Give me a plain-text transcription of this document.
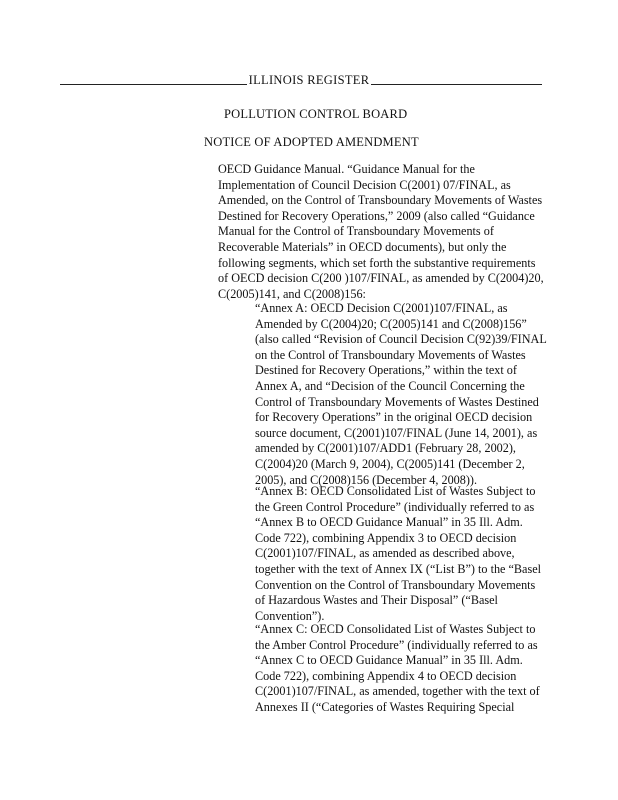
ILLINOIS REGISTER
POLLUTION CONTROL BOARD
NOTICE OF ADOPTED AMENDMENT
OECD Guidance Manual. “Guidance Manual for the
Implementation of Council Decision C(2001) 07/FINAL, as
Amended, on the Control of Transboundary Movements of Wastes
Destined for Recovery Operations,” 2009 (also called “Guidance
Manual for the Control of Transboundary Movements of
Recoverable Materials” in OECD documents), but only the
following segments, which set forth the substantive requirements
of OECD decision C(200 )107/FINAL, as amended by C(2004)20,
C(2005)141, and C(2008)156:
“Annex A: OECD Decision C(2001)107/FINAL, as
Amended by C(2004)20; C(2005)141 and C(2008)156”
(also called “Revision of Council Decision C(92)39/FINAL
on the Control of Transboundary Movements of Wastes
Destined for Recovery Operations,” within the text of
Annex A, and “Decision of the Council Concerning the
Control of Transboundary Movements of Wastes Destined
for Recovery Operations” in the original OECD decision
source document, C(2001)107/FINAL (June 14, 2001), as
amended by C(2001)107/ADD1 (February 28, 2002),
C(2004)20 (March 9, 2004), C(2005)141 (December 2,
2005), and C(2008)156 (December 4, 2008)).
“Annex B: OECD Consolidated List of Wastes Subject to
the Green Control Procedure” (individually referred to as
“Annex B to OECD Guidance Manual” in 35 Ill. Adm.
Code 722), combining Appendix 3 to OECD decision
C(2001)107/FINAL, as amended as described above,
together with the text of Annex IX (“List B”) to the “Basel
Convention on the Control of Transboundary Movements
of Hazardous Wastes and Their Disposal” (“Basel
Convention”).
“Annex C: OECD Consolidated List of Wastes Subject to
the Amber Control Procedure” (individually referred to as
“Annex C to OECD Guidance Manual” in 35 Ill. Adm.
Code 722), combining Appendix 4 to OECD decision
C(2001)107/FINAL, as amended, together with the text of
Annexes II (“Categories of Wastes Requiring Special
